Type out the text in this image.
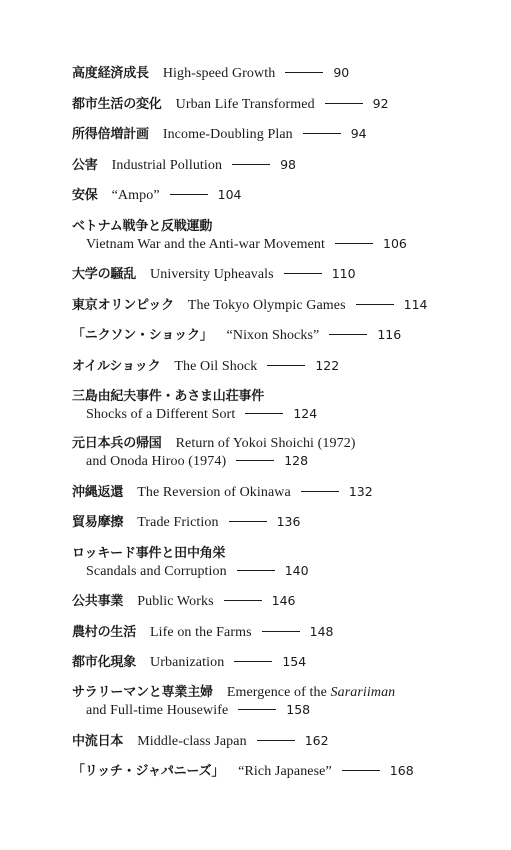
高度経済成長 High-speed Growth	90
都市生活の変化 Urban Life Transformed	92
所得倍増計画 Income-Doubling Plan	94
公害 Industrial Pollution	98
安保 “Ampo”	104
ベトナム戦争と反戦運動
Vietnam War and the Anti-war Movement	106
大学の騒乱 University Upheavals	110
東京オリンピック The Tokyo Olympic Games	114
「ニクソン・ショック」 “Nixon Shocks”	116
オイルショック The Oil Shock	122
三島由紀夫事件・あさま山荘事件
Shocks of a Different Sort	124
元日本兵の帰国 Return of Yokoi Shoichi (1972)
and Onoda Hiroo (1974)	128
沖縄返還 The Reversion of Okinawa	132
貿易摩擦 Trade Friction	136
ロッキード事件と田中角栄
Scandals and Corruption	140
公共事業 Public Works	146
農村の生活 Life on the Farms	148
都市化現象 Urbanization	154
サラリーマンと専業主婦 Emergence of the Sarariiman
and Full-time Housewife	158
中流日本 Middle-class Japan	162
「リッチ・ジャパニーズ」 “Rich Japanese”	168
